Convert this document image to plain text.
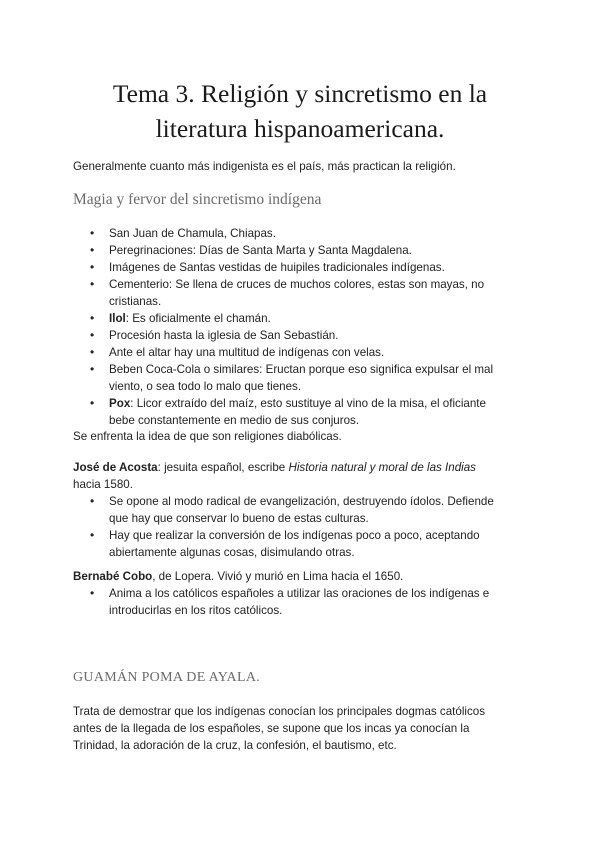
Tema 3. Religión y sincretismo en la
literatura hispanoamericana.

Generalmente cuanto más indigenista es el país, más practican la religión.

Magia y fervor del sincretismo indígena
• San Juan de Chamula, Chiapas.
• Peregrinaciones: Días de Santa Marta y Santa Magdalena.
• Imágenes de Santas vestidas de huipiles tradicionales indígenas.
• Cementerio: Se llena de cruces de muchos colores, estas son mayas, no
cristianas.
• Ilol: Es oficialmente el chamán.
• Procesión hasta la iglesia de San Sebastián.
• Ante el altar hay una multitud de indígenas con velas.
• Beben Coca-Cola o similares: Eructan porque eso significa expulsar el mal
viento, o sea todo lo malo que tienes.
• Pox: Licor extraído del maíz, esto sustituye al vino de la misa, el oficiante
bebe constantemente en medio de sus conjuros.

Se enfrenta la idea de que son religiones diabólicas.

José de Acosta: jesuita español, escribe Historia natural y moral de las Indias
hacia 1580.

• Se opone al modo radical de evangelización, destruyendo ídolos. Defiende
que hay que conservar lo bueno de estas culturas.
• Hay que realizar la conversión de los indígenas poco a poco, aceptando
abiertamente algunas cosas, disimulando otras.

Bernabé Cobo, de Lopera. Vivió y murió en Lima hacia el 1650.

• Anima a los católicos españoles a utilizar las oraciones de los indígenas e
introducirlas en los ritos católicos.
GUAMÁN POMA DE AYALA.

Trata de demostrar que los indígenas conocían los principales dogmas católicos
antes de la llegada de los españoles, se supone que los incas ya conocían la
Trinidad, la adoración de la cruz, la confesión, el bautismo, etc.
